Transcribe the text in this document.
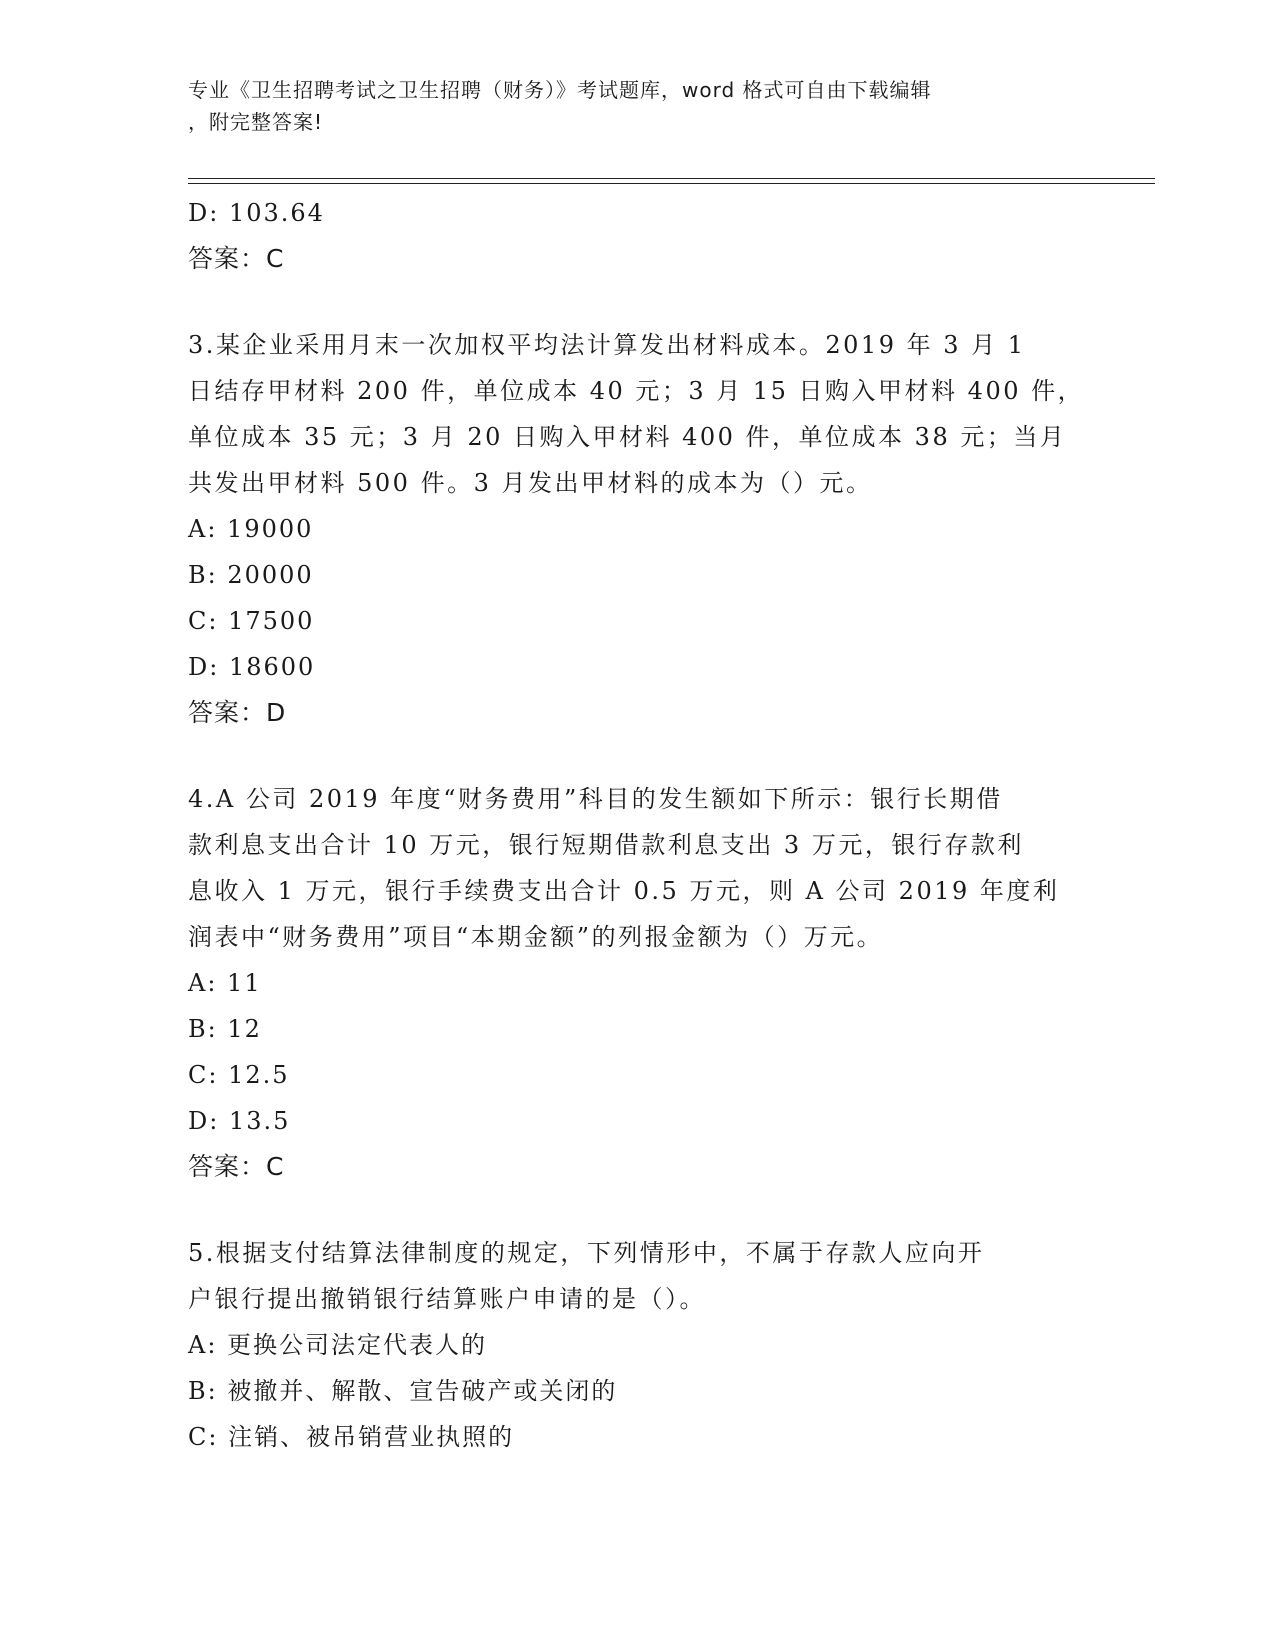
专业《卫生招聘考试之卫生招聘（财务）》考试题库，word 格式可自由下载编辑
，附完整答案!
D: 103.64
答案：C
3.某企业采用月末一次加权平均法计算发出材料成本。2019 年 3 月 1
日结存甲材料 200 件，单位成本 40 元；3 月 15 日购入甲材料 400 件，
单位成本 35 元；3 月 20 日购入甲材料 400 件，单位成本 38 元；当月
共发出甲材料 500 件。3 月发出甲材料的成本为（）元。
A: 19000
B: 20000
C: 17500
D: 18600
答案：D
4.A 公司 2019 年度“财务费用”科目的发生额如下所示：银行长期借
款利息支出合计 10 万元，银行短期借款利息支出 3 万元，银行存款利
息收入 1 万元，银行手续费支出合计 0.5 万元，则 A 公司 2019 年度利
润表中“财务费用”项目“本期金额”的列报金额为（）万元。
A: 11
B: 12
C: 12.5
D: 13.5
答案：C
5.根据支付结算法律制度的规定，下列情形中，不属于存款人应向开
户银行提出撤销银行结算账户申请的是（）。
A: 更换公司法定代表人的
B: 被撤并、解散、宣告破产或关闭的
C: 注销、被吊销营业执照的
